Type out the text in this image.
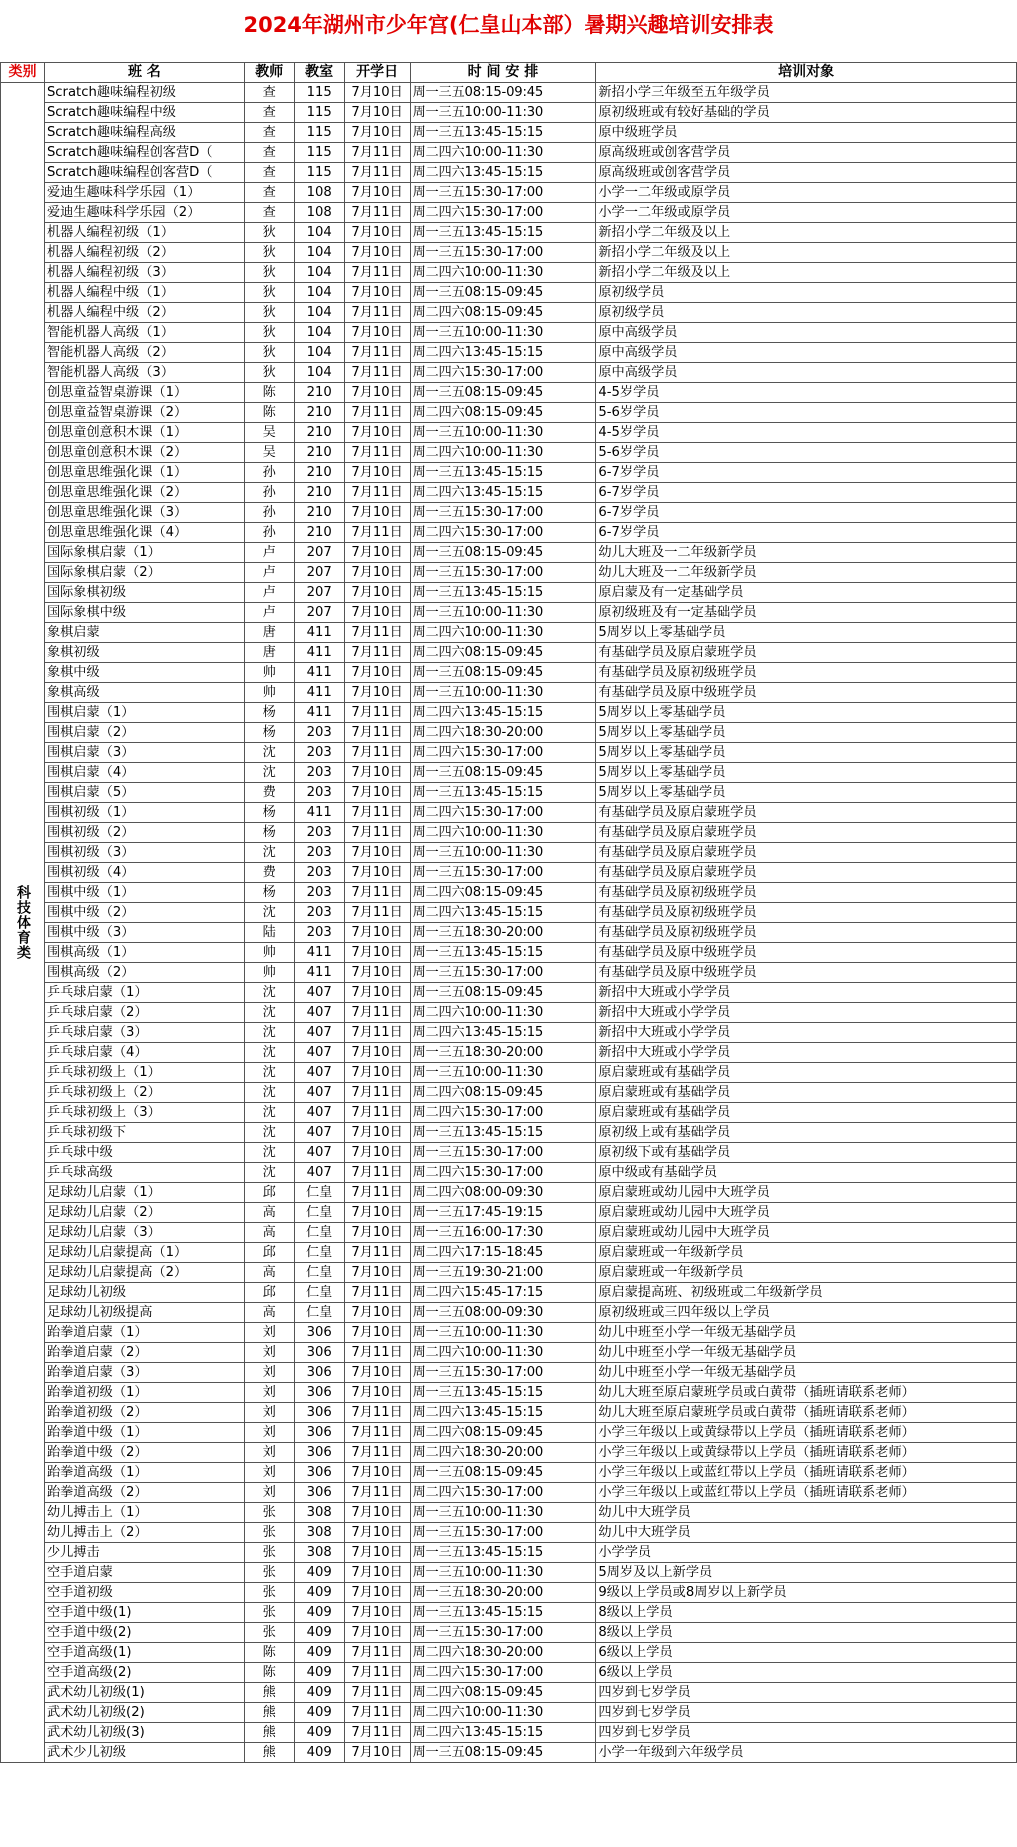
2024年湖州市少年宫(仁皇山本部）暑期兴趣培训安排表
类别	班 名	教师	教室	开学日	时 间 安 排	培训对象
科技体育类	Scratch趣味编程初级	查	115	7月10日	周一三五08:15-09:45	新招小学三年级至五年级学员
	Scratch趣味编程中级	查	115	7月10日	周一三五10:00-11:30	原初级班或有较好基础的学员
	Scratch趣味编程高级	查	115	7月10日	周一三五13:45-15:15	原中级班学员
	Scratch趣味编程创客营D（	查	115	7月11日	周二四六10:00-11:30	原高级班或创客营学员
	Scratch趣味编程创客营D（	查	115	7月11日	周二四六13:45-15:15	原高级班或创客营学员
	爱迪生趣味科学乐园（1）	查	108	7月10日	周一三五15:30-17:00	小学一二年级或原学员
	爱迪生趣味科学乐园（2）	查	108	7月11日	周二四六15:30-17:00	小学一二年级或原学员
	机器人编程初级（1）	狄	104	7月10日	周一三五13:45-15:15	新招小学二年级及以上
	机器人编程初级（2）	狄	104	7月10日	周一三五15:30-17:00	新招小学二年级及以上
	机器人编程初级（3）	狄	104	7月11日	周二四六10:00-11:30	新招小学二年级及以上
	机器人编程中级（1）	狄	104	7月10日	周一三五08:15-09:45	原初级学员
	机器人编程中级（2）	狄	104	7月11日	周二四六08:15-09:45	原初级学员
	智能机器人高级（1）	狄	104	7月10日	周一三五10:00-11:30	原中高级学员
	智能机器人高级（2）	狄	104	7月11日	周二四六13:45-15:15	原中高级学员
	智能机器人高级（3）	狄	104	7月11日	周二四六15:30-17:00	原中高级学员
	创思童益智桌游课（1）	陈	210	7月10日	周一三五08:15-09:45	4-5岁学员
	创思童益智桌游课（2）	陈	210	7月11日	周二四六08:15-09:45	5-6岁学员
	创思童创意积木课（1）	吴	210	7月10日	周一三五10:00-11:30	4-5岁学员
	创思童创意积木课（2）	吴	210	7月11日	周二四六10:00-11:30	5-6岁学员
	创思童思维强化课（1）	孙	210	7月10日	周一三五13:45-15:15	6-7岁学员
	创思童思维强化课（2）	孙	210	7月11日	周二四六13:45-15:15	6-7岁学员
	创思童思维强化课（3）	孙	210	7月10日	周一三五15:30-17:00	6-7岁学员
	创思童思维强化课（4）	孙	210	7月11日	周二四六15:30-17:00	6-7岁学员
	国际象棋启蒙（1）	卢	207	7月10日	周一三五08:15-09:45	幼儿大班及一二年级新学员
	国际象棋启蒙（2）	卢	207	7月10日	周一三五15:30-17:00	幼儿大班及一二年级新学员
	国际象棋初级	卢	207	7月10日	周一三五13:45-15:15	原启蒙及有一定基础学员
	国际象棋中级	卢	207	7月10日	周一三五10:00-11:30	原初级班及有一定基础学员
	象棋启蒙	唐	411	7月11日	周二四六10:00-11:30	5周岁以上零基础学员
	象棋初级	唐	411	7月11日	周二四六08:15-09:45	有基础学员及原启蒙班学员
	象棋中级	帅	411	7月10日	周一三五08:15-09:45	有基础学员及原初级班学员
	象棋高级	帅	411	7月10日	周一三五10:00-11:30	有基础学员及原中级班学员
	围棋启蒙（1）	杨	411	7月11日	周二四六13:45-15:15	5周岁以上零基础学员
	围棋启蒙（2）	杨	203	7月11日	周二四六18:30-20:00	5周岁以上零基础学员
	围棋启蒙（3）	沈	203	7月11日	周二四六15:30-17:00	5周岁以上零基础学员
	围棋启蒙（4）	沈	203	7月10日	周一三五08:15-09:45	5周岁以上零基础学员
	围棋启蒙（5）	费	203	7月10日	周一三五13:45-15:15	5周岁以上零基础学员
	围棋初级（1）	杨	411	7月11日	周二四六15:30-17:00	有基础学员及原启蒙班学员
	围棋初级（2）	杨	203	7月11日	周二四六10:00-11:30	有基础学员及原启蒙班学员
	围棋初级（3）	沈	203	7月10日	周一三五10:00-11:30	有基础学员及原启蒙班学员
	围棋初级（4）	费	203	7月10日	周一三五15:30-17:00	有基础学员及原启蒙班学员
	围棋中级（1）	杨	203	7月11日	周二四六08:15-09:45	有基础学员及原初级班学员
	围棋中级（2）	沈	203	7月11日	周二四六13:45-15:15	有基础学员及原初级班学员
	围棋中级（3）	陆	203	7月10日	周一三五18:30-20:00	有基础学员及原初级班学员
	围棋高级（1）	帅	411	7月10日	周一三五13:45-15:15	有基础学员及原中级班学员
	围棋高级（2）	帅	411	7月10日	周一三五15:30-17:00	有基础学员及原中级班学员
	乒乓球启蒙（1）	沈	407	7月10日	周一三五08:15-09:45	新招中大班或小学学员
	乒乓球启蒙（2）	沈	407	7月11日	周二四六10:00-11:30	新招中大班或小学学员
	乒乓球启蒙（3）	沈	407	7月11日	周二四六13:45-15:15	新招中大班或小学学员
	乒乓球启蒙（4）	沈	407	7月10日	周一三五18:30-20:00	新招中大班或小学学员
	乒乓球初级上（1）	沈	407	7月10日	周一三五10:00-11:30	原启蒙班或有基础学员
	乒乓球初级上（2）	沈	407	7月11日	周二四六08:15-09:45	原启蒙班或有基础学员
	乒乓球初级上（3）	沈	407	7月11日	周二四六15:30-17:00	原启蒙班或有基础学员
	乒乓球初级下	沈	407	7月10日	周一三五13:45-15:15	原初级上或有基础学员
	乒乓球中级	沈	407	7月10日	周一三五15:30-17:00	原初级下或有基础学员
	乒乓球高级	沈	407	7月11日	周二四六15:30-17:00	原中级或有基础学员
	足球幼儿启蒙（1）	邱	仁皇	7月11日	周二四六08:00-09:30	原启蒙班或幼儿园中大班学员
	足球幼儿启蒙（2）	高	仁皇	7月10日	周一三五17:45-19:15	原启蒙班或幼儿园中大班学员
	足球幼儿启蒙（3）	高	仁皇	7月10日	周一三五16:00-17:30	原启蒙班或幼儿园中大班学员
	足球幼儿启蒙提高（1）	邱	仁皇	7月11日	周二四六17:15-18:45	原启蒙班或一年级新学员
	足球幼儿启蒙提高（2）	高	仁皇	7月10日	周一三五19:30-21:00	原启蒙班或一年级新学员
	足球幼儿初级	邱	仁皇	7月11日	周二四六15:45-17:15	原启蒙提高班、初级班或二年级新学员
	足球幼儿初级提高	高	仁皇	7月10日	周一三五08:00-09:30	原初级班或三四年级以上学员
	跆拳道启蒙（1）	刘	306	7月10日	周一三五10:00-11:30	幼儿中班至小学一年级无基础学员
	跆拳道启蒙（2）	刘	306	7月11日	周二四六10:00-11:30	幼儿中班至小学一年级无基础学员
	跆拳道启蒙（3）	刘	306	7月10日	周一三五15:30-17:00	幼儿中班至小学一年级无基础学员
	跆拳道初级（1）	刘	306	7月10日	周一三五13:45-15:15	幼儿大班至原启蒙班学员或白黄带（插班请联系老师）
	跆拳道初级（2）	刘	306	7月11日	周二四六13:45-15:15	幼儿大班至原启蒙班学员或白黄带（插班请联系老师）
	跆拳道中级（1）	刘	306	7月11日	周二四六08:15-09:45	小学三年级以上或黄绿带以上学员（插班请联系老师）
	跆拳道中级（2）	刘	306	7月11日	周二四六18:30-20:00	小学三年级以上或黄绿带以上学员（插班请联系老师）
	跆拳道高级（1）	刘	306	7月10日	周一三五08:15-09:45	小学三年级以上或蓝红带以上学员（插班请联系老师）
	跆拳道高级（2）	刘	306	7月11日	周二四六15:30-17:00	小学三年级以上或蓝红带以上学员（插班请联系老师）
	幼儿搏击上（1）	张	308	7月10日	周一三五10:00-11:30	幼儿中大班学员
	幼儿搏击上（2）	张	308	7月10日	周一三五15:30-17:00	幼儿中大班学员
	少儿搏击	张	308	7月10日	周一三五13:45-15:15	小学学员
	空手道启蒙	张	409	7月10日	周一三五10:00-11:30	5周岁及以上新学员
	空手道初级	张	409	7月10日	周一三五18:30-20:00	9级以上学员或8周岁以上新学员
	空手道中级(1)	张	409	7月10日	周一三五13:45-15:15	8级以上学员
	空手道中级(2)	张	409	7月10日	周一三五15:30-17:00	8级以上学员
	空手道高级(1)	陈	409	7月11日	周二四六18:30-20:00	6级以上学员
	空手道高级(2)	陈	409	7月11日	周二四六15:30-17:00	6级以上学员
	武术幼儿初级(1)	熊	409	7月11日	周二四六08:15-09:45	四岁到七岁学员
	武术幼儿初级(2)	熊	409	7月11日	周二四六10:00-11:30	四岁到七岁学员
	武术幼儿初级(3)	熊	409	7月11日	周二四六13:45-15:15	四岁到七岁学员
	武术少儿初级	熊	409	7月10日	周一三五08:15-09:45	小学一年级到六年级学员
